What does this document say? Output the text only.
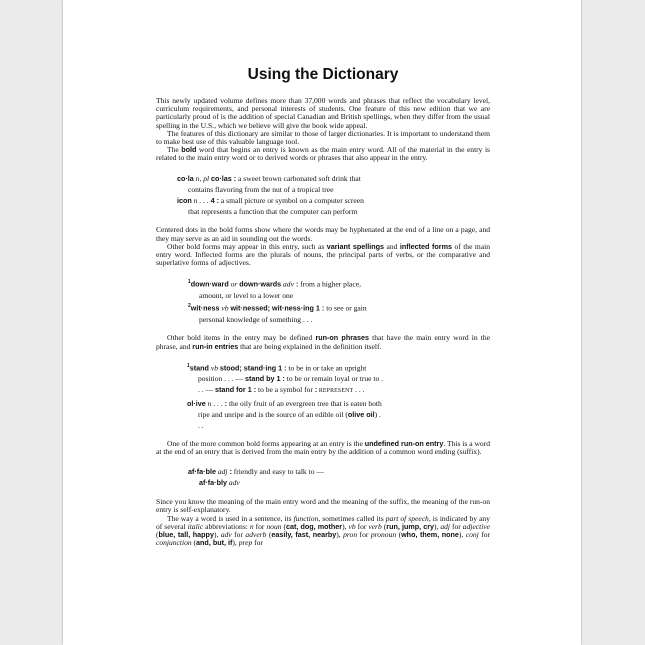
Using the Dictionary

This newly updated volume defines more than 37,000 words and phrases that reflect the vocabulary level, curriculum requirements, and personal interests of students. One feature of this new edition that we are particularly proud of is the addition of special Canadian and British spellings, when they differ from the usual spelling in the U.S., which we believe will give the book wide appeal.

The features of this dictionary are similar to those of larger dictionaries. It is important to understand them to make best use of this valuable language tool.

The bold word that begins an entry is known as the main entry word. All of the material in the entry is related to the main entry word or to derived words or phrases that also appear in the entry.

co·la n, pl co·las : a sweet brown carbonated soft drink that contains flavoring from the nut of a tropical tree

icon n . . . 4 : a small picture or symbol on a computer screen that represents a function that the computer can perform

Centered dots in the bold forms show where the words may be hyphenated at the end of a line on a page, and they may serve as an aid in sounding out the words.

Other bold forms may appear in this entry, such as variant spellings and inflected forms of the main entry word. Inflected forms are the plurals of nouns, the principal parts of verbs, or the comparative and superlative forms of adjectives.

$^1$down·ward or down·wards adv : from a higher place, amount, or level to a lower one

$^2$wit·ness vb wit·nessed; wit·ness·ing 1 : to see or gain personal knowledge of something . . .

Other bold items in the entry may be defined run-on phrases that have the main entry word in the phrase, and run-in entries that are being explained in the definition itself.

$^1$stand vb stood; stand·ing 1 : to be in or take an upright position . . . — stand by 1 : to be or remain loyal or true to . . . — stand for 1 : to be a symbol for : REPRESENT . . .

ol·ive n . . . : the oily fruit of an evergreen tree that is eaten both ripe and unripe and is the source of an edible oil (olive oil) . . .

One of the more common bold forms appearing at an entry is the undefined run-on entry. This is a word at the end of an entry that is derived from the main entry by the addition of a common word ending (suffix).

af·fa·ble adj : friendly and easy to talk to — af·fa·bly adv

Since you know the meaning of the main entry word and the meaning of the suffix, the meaning of the run-on entry is self-explanatory.

The way a word is used in a sentence, its function, sometimes called its part of speech, is indicated by any of several italic abbreviations: n for noun (cat, dog, mother), vb for verb (run, jump, cry), adj for adjective (blue, tall, happy), adv for adverb (easily, fast, nearby), pron for pronoun (who, them, none), conj for conjunction (and, but, if), prep for
